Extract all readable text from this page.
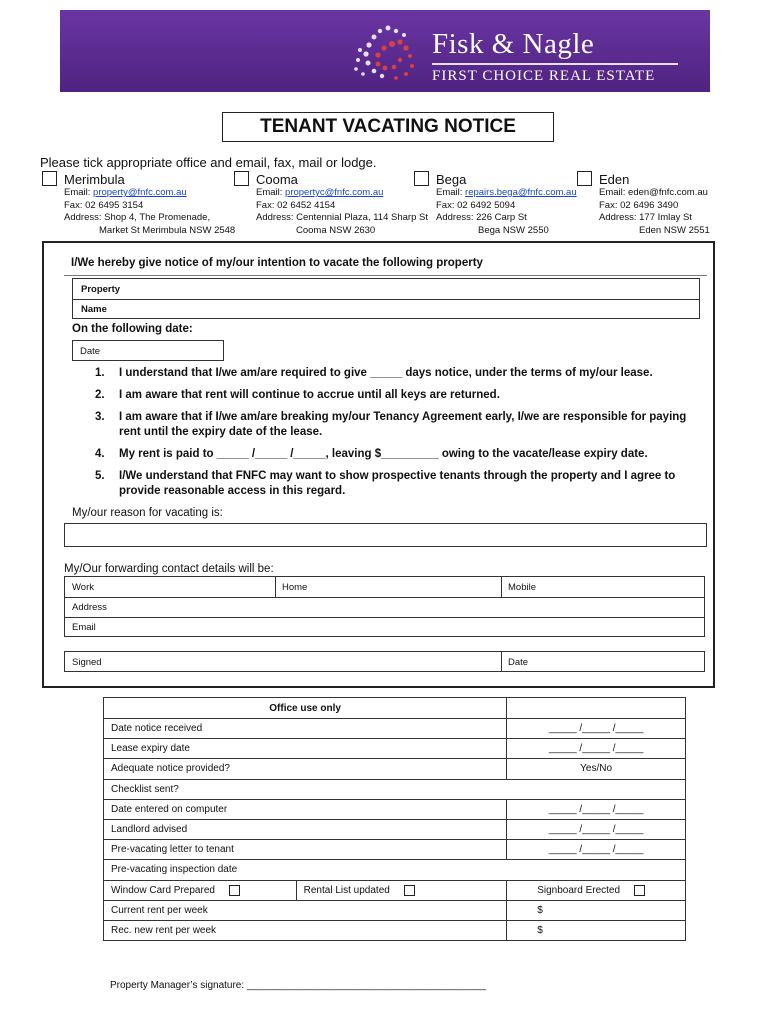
Fisk & Nagle
FIRST CHOICE REAL ESTATE
TENANT VACATING NOTICE
Please tick appropriate office and email, fax, mail or lodge.
Merimbula
Email: property@fnfc.com.au
Fax: 02 6495 3154
Address: Shop 4, The Promenade,
Market St Merimbula NSW 2548
Cooma
Email: propertyc@fnfc.com.au
Fax: 02 6452 4154
Address: Centennial Plaza, 114 Sharp St
Cooma NSW 2630
Bega
Email: repairs.bega@fnfc.com.au
Fax: 02 6492 5094
Address: 226 Carp St
Bega NSW 2550
Eden
Email: eden@fnfc.com.au
Fax: 02 6496 3490
Address: 177 Imlay St
Eden NSW 2551
I/We hereby give notice of my/our intention to vacate the following property
Property
Name
On the following date:
Date
1. I understand that I/we am/are required to give _____ days notice, under the terms of my/our lease.
2. I am aware that rent will continue to accrue until all keys are returned.
3. I am aware that if I/we am/are breaking my/our Tenancy Agreement early, I/we are responsible for paying
rent until the expiry date of the lease.
4. My rent is paid to _____ /_____ /_____, leaving $_________ owing to the vacate/lease expiry date.
5. I/We understand that FNFC may want to show prospective tenants through the property and I agree to
provide reasonable access in this regard.
My/our reason for vacating is:
My/Our forwarding contact details will be:
Work	Home	Mobile
Address
Email
Signed	Date
Office use only		
Date notice received		_____ /_____ /_____
Lease expiry date		_____ /_____ /_____
Adequate notice provided?		Yes/No
Checklist sent?		
Date entered on computer		_____ /_____ /_____
Landlord advised		_____ /_____ /_____
Pre-vacating letter to tenant		_____ /_____ /_____
Pre-vacating inspection date		
Window Card Prepared	Rental List updated	Signboard Erected
Current rent per week		$
Rec. new rent per week		$
Property Manager’s signature: ___________________________________________
